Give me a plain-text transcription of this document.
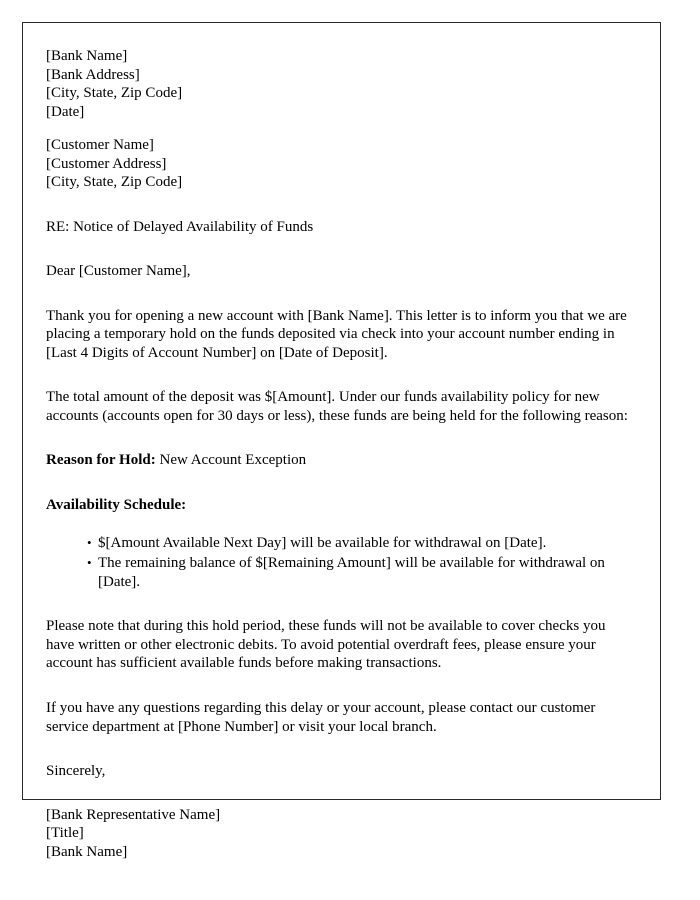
[Bank Name]
[Bank Address]
[City, State, Zip Code]
[Date]
[Customer Name]
[Customer Address]
[City, State, Zip Code]
RE: Notice of Delayed Availability of Funds
Dear [Customer Name],

Thank you for opening a new account with [Bank Name]. This letter is to inform you that we are placing a temporary hold on the funds deposited via check into your account number ending in [Last 4 Digits of Account Number] on [Date of Deposit].

The total amount of the deposit was $[Amount]. Under our funds availability policy for new accounts (accounts open for 30 days or less), these funds are being held for the following reason:

Reason for Hold: New Account Exception
Availability Schedule:
• $[Amount Available Next Day] will be available for withdrawal on [Date].
• The remaining balance of $[Remaining Amount] will be available for withdrawal on [Date].

Please note that during this hold period, these funds will not be available to cover checks you have written or other electronic debits. To avoid potential overdraft fees, please ensure your account has sufficient available funds before making transactions.

If you have any questions regarding this delay or your account, please contact our customer service department at [Phone Number] or visit your local branch.

Sincerely,
[Bank Representative Name]
[Title]
[Bank Name]
